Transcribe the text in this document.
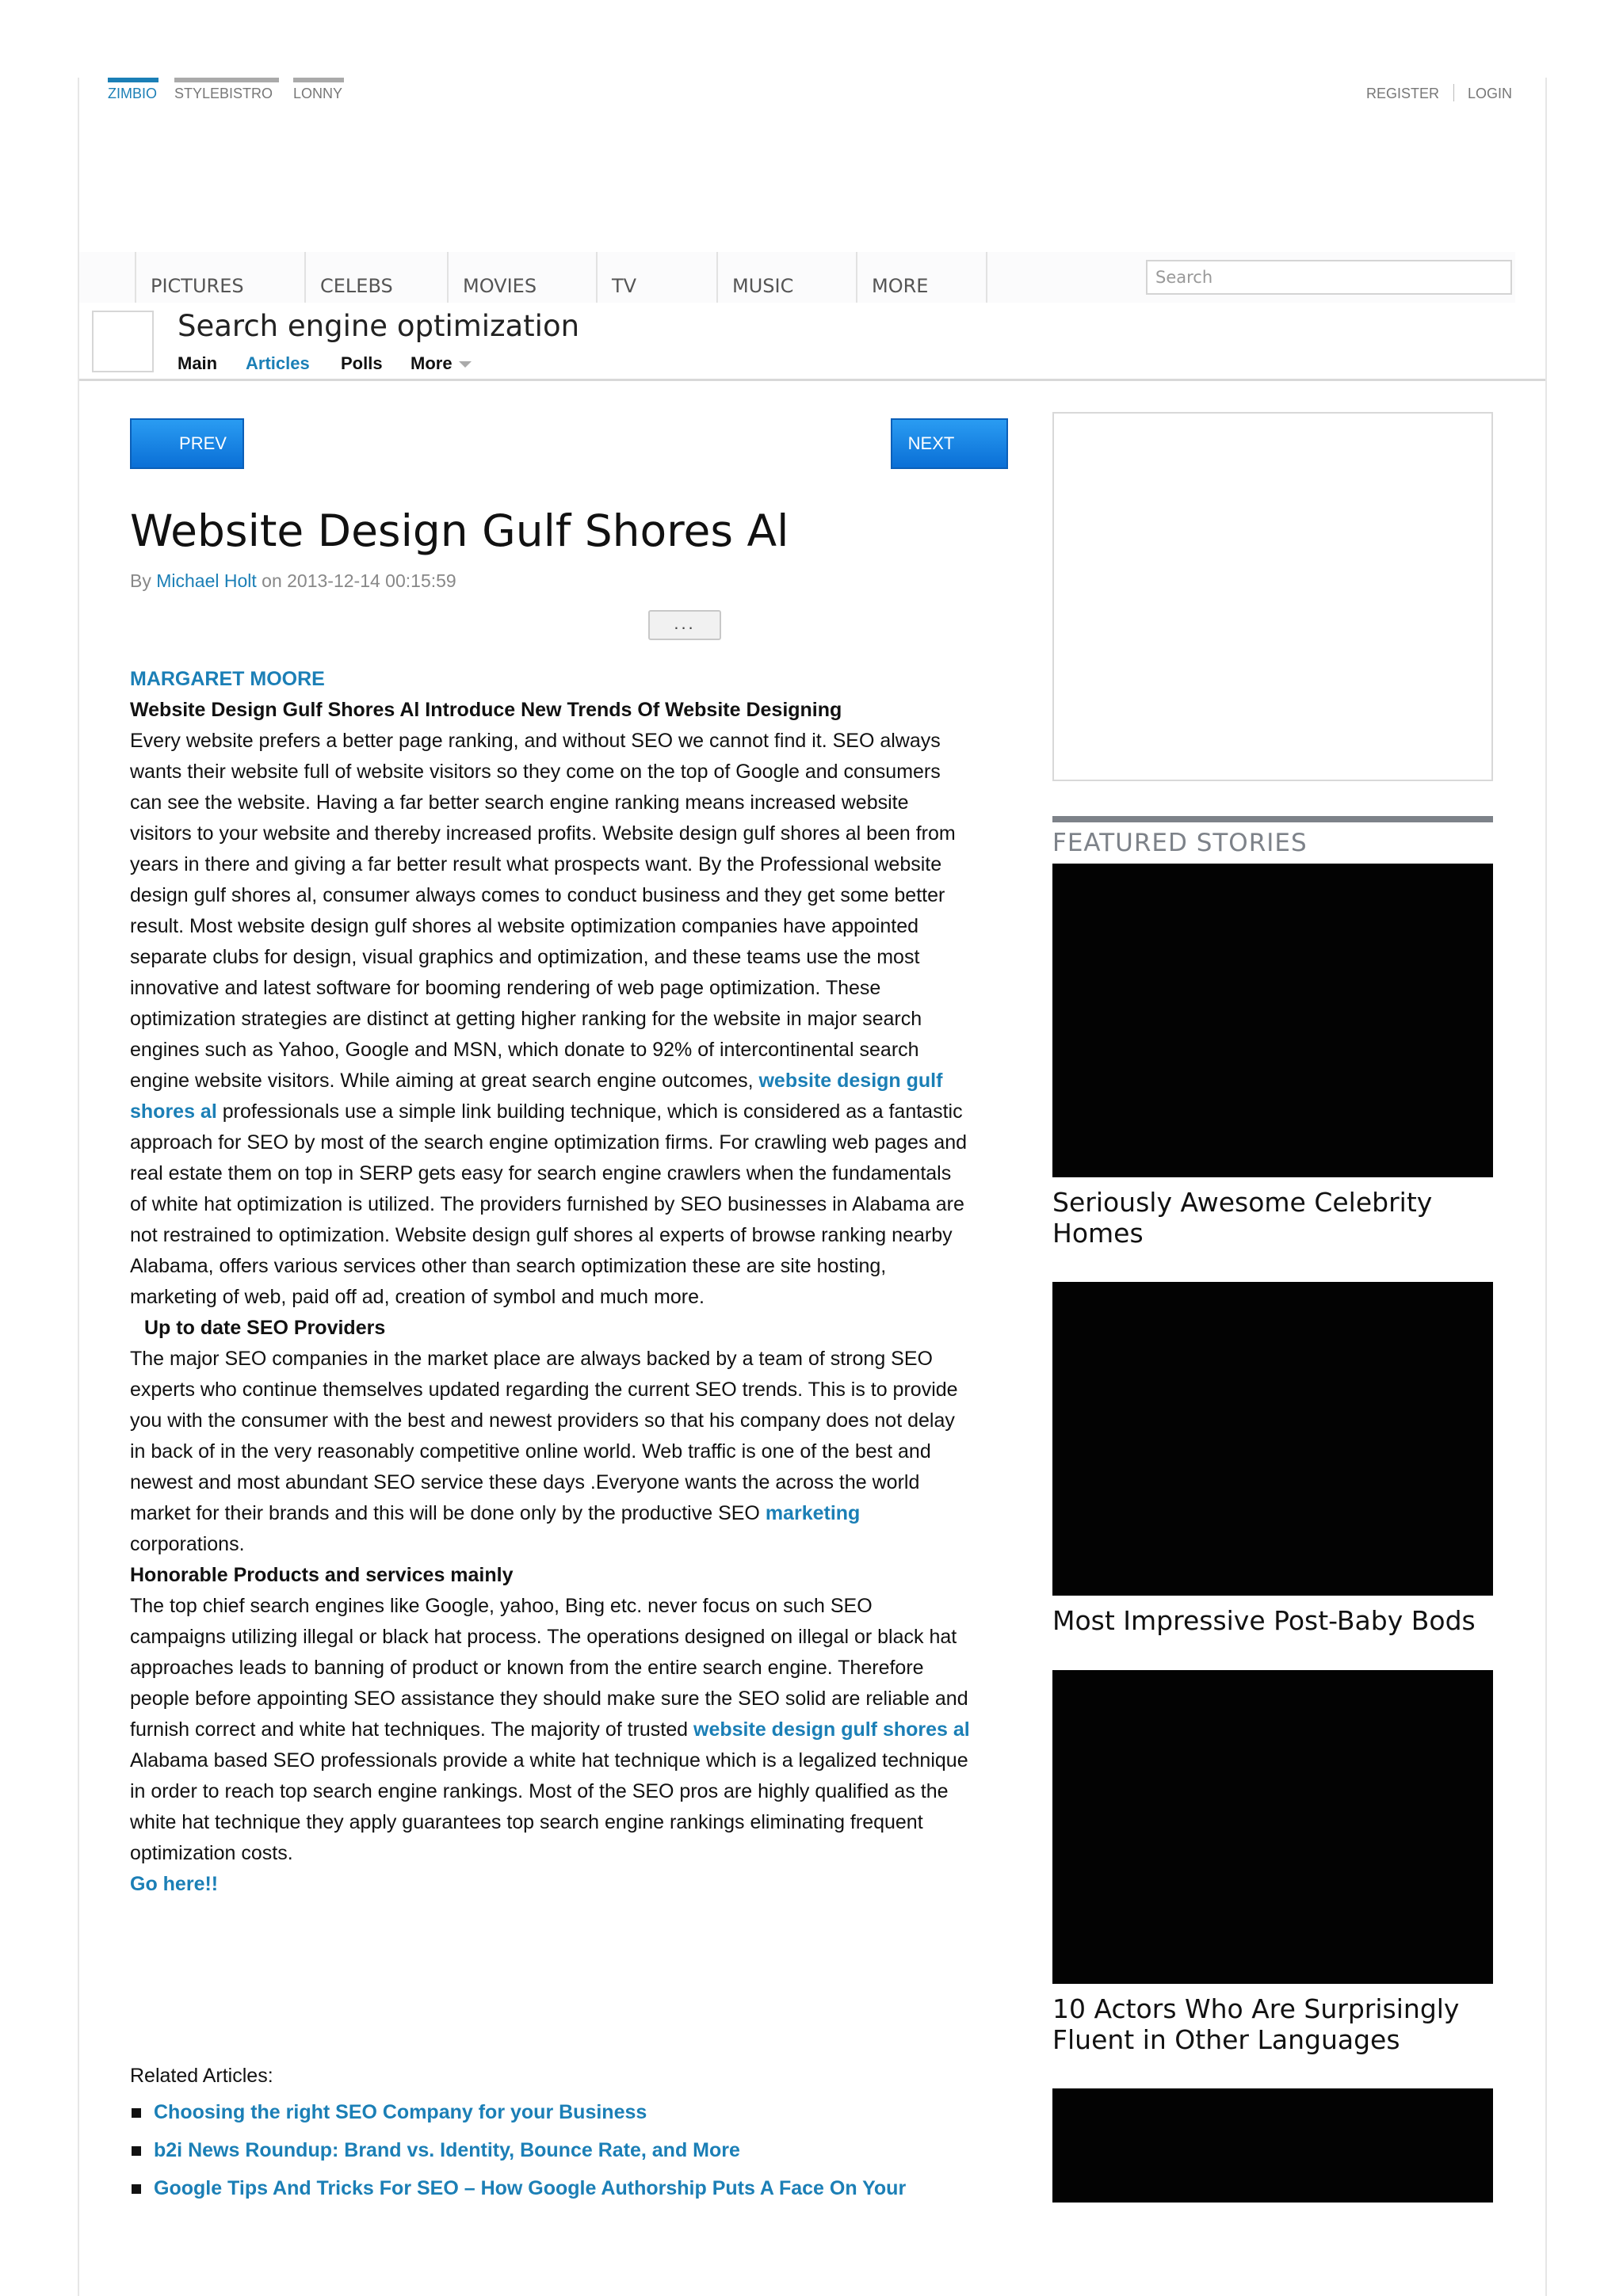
ZIMBIO STYLEBISTRO	LONNY	REGISTER LOGIN
PICTURES	CELEBS	MOVIES	TV	MUSIC	MORE	Search
Search engine optimization
Main Articles Polls More
PREV	NEXT
Website Design Gulf Shores Al
By Michael Holt on 2013-12-14 00:15:59
...

MARGARET MOORE

Website Design Gulf Shores Al Introduce New Trends Of Website Designing

Every website prefers a better page ranking, and without SEO we cannot find it. SEO always wants their website full of website visitors so they come on the top of Google and consumers can see the website. Having a far better search engine ranking means increased website visitors to your website and thereby increased profits. Website design gulf shores al been from years in there and giving a far better result what prospects want. By the Professional website design gulf shores al, consumer always comes to conduct business and they get some better result. Most website design gulf shores al website optimization companies have appointed separate clubs for design, visual graphics and optimization, and these teams use the most innovative and latest software for booming rendering of web page optimization. These optimization strategies are distinct at getting higher ranking for the website in major search engines such as Yahoo, Google and MSN, which donate to 92% of intercontinental search engine website visitors. While aiming at great search engine outcomes, website design gulf shores al professionals use a simple link building technique, which is considered as a fantastic approach for SEO by most of the search engine optimization firms. For crawling web pages and real estate them on top in SERP gets easy for search engine crawlers when the fundamentals of white hat optimization is utilized. The providers furnished by SEO businesses in Alabama are not restrained to optimization. Website design gulf shores al experts of browse ranking nearby Alabama, offers various services other than search optimization these are site hosting, marketing of web, paid off ad, creation of symbol and much more.

Up to date SEO Providers

The major SEO companies in the market place are always backed by a team of strong SEO experts who continue themselves updated regarding the current SEO trends. This is to provide you with the consumer with the best and newest providers so that his company does not delay in back of in the very reasonably competitive online world. Web traffic is one of the best and newest and most abundant SEO service these days .Everyone wants the across the world market for their brands and this will be done only by the productive SEO marketing
corporations.

Honorable Products and services mainly

The top chief search engines like Google, yahoo, Bing etc. never focus on such SEO campaigns utilizing illegal or black hat process. The operations designed on illegal or black hat approaches leads to banning of product or known from the entire search engine. Therefore people before appointing SEO assistance they should make sure the SEO solid are reliable and furnish correct and white hat techniques. The majority of trusted website design gulf shores al Alabama based SEO professionals provide a white hat technique which is a legalized technique in order to reach top search engine rankings. Most of the SEO pros are highly qualified as the white hat technique they apply guarantees top search engine rankings eliminating frequent optimization costs.

Go here!!

Related Articles:
Choosing the right SEO Company for your Business
b2i News Roundup: Brand vs. Identity, Bounce Rate, and More
Google Tips And Tricks For SEO – How Google Authorship Puts A Face On Your
FEATURED STORIES
Seriously Awesome Celebrity Homes
Most Impressive Post-Baby Bods
10 Actors Who Are Surprisingly Fluent in Other Languages
